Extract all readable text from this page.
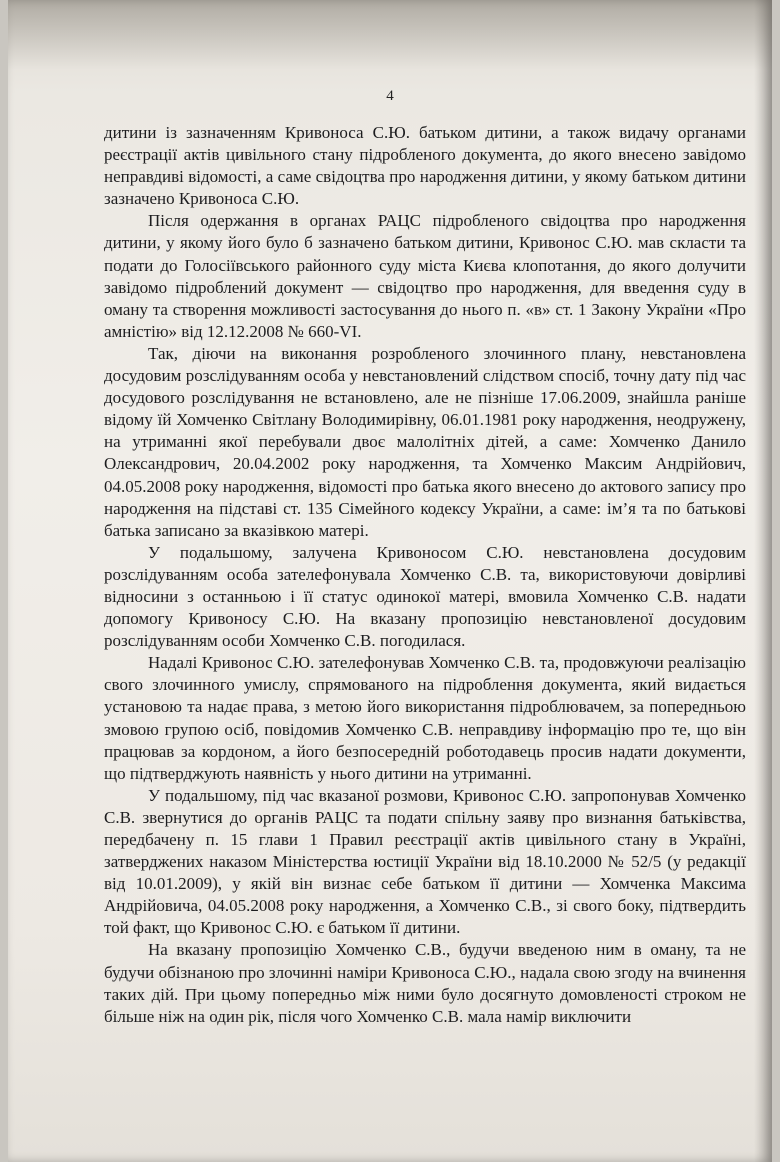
4

дитини із зазначенням Кривоноса С.Ю. батьком дитини, а також видачу органами реєстрації актів цивільного стану підробленого документа, до якого внесено завідомо неправдиві відомості, а саме свідоцтва про народження дитини, у якому батьком дитини зазначено Кривоноса С.Ю.

Після одержання в органах РАЦС підробленого свідоцтва про народження дитини, у якому його було б зазначено батьком дитини, Кривонос С.Ю. мав скласти та подати до Голосіївського районного суду міста Києва клопотання, до якого долучити завідомо підроблений документ — свідоцтво про народження, для введення суду в оману та створення можливості застосування до нього п. «в» ст. 1 Закону України «Про амністію» від 12.12.2008 № 660-VI.

Так, діючи на виконання розробленого злочинного плану, невстановлена досудовим розслідуванням особа у невстановлений слідством спосіб, точну дату під час досудового розслідування не встановлено, але не пізніше 17.06.2009, знайшла раніше відому їй Хомченко Світлану Володимирівну, 06.01.1981 року народження, неодружену, на утриманні якої перебували двоє малолітніх дітей, а саме: Хомченко Данило Олександрович, 20.04.2002 року народження, та Хомченко Максим Андрійович, 04.05.2008 року народження, відомості про батька якого внесено до актового запису про народження на підставі ст. 135 Сімейного кодексу України, а саме: ім’я та по батькові батька записано за вказівкою матері.

У подальшому, залучена Кривоносом С.Ю. невстановлена досудовим розслідуванням особа зателефонувала Хомченко С.В. та, використовуючи довірливі відносини з останньою і її статус одинокої матері, вмовила Хомченко С.В. надати допомогу Кривоносу С.Ю. На вказану пропозицію невстановленої досудовим розслідуванням особи Хомченко С.В. погодилася.

Надалі Кривонос С.Ю. зателефонував Хомченко С.В. та, продовжуючи реалізацію свого злочинного умислу, спрямованого на підроблення документа, який видається установою та надає права, з метою його використання підроблювачем, за попередньою змовою групою осіб, повідомив Хомченко С.В. неправдиву інформацію про те, що він працював за кордоном, а його безпосередній роботодавець просив надати документи, що підтверджують наявність у нього дитини на утриманні.

У подальшому, під час вказаної розмови, Кривонос С.Ю. запропонував Хомченко С.В. звернутися до органів РАЦС та подати спільну заяву про визнання батьківства, передбачену п. 15 глави 1 Правил реєстрації актів цивільного стану в Україні, затверджених наказом Міністерства юстиції України від 18.10.2000 № 52/5 (у редакції від 10.01.2009), у якій він визнає себе батьком її дитини — Хомченка Максима Андрійовича, 04.05.2008 року народження, а Хомченко С.В., зі свого боку, підтвердить той факт, що Кривонос С.Ю. є батьком її дитини.

На вказану пропозицію Хомченко С.В., будучи введеною ним в оману, та не будучи обізнаною про злочинні наміри Кривоноса С.Ю., надала свою згоду на вчинення таких дій. При цьому попередньо між ними було досягнуто домовленості строком не більше ніж на один рік, після чого Хомченко С.В. мала намір виключити
